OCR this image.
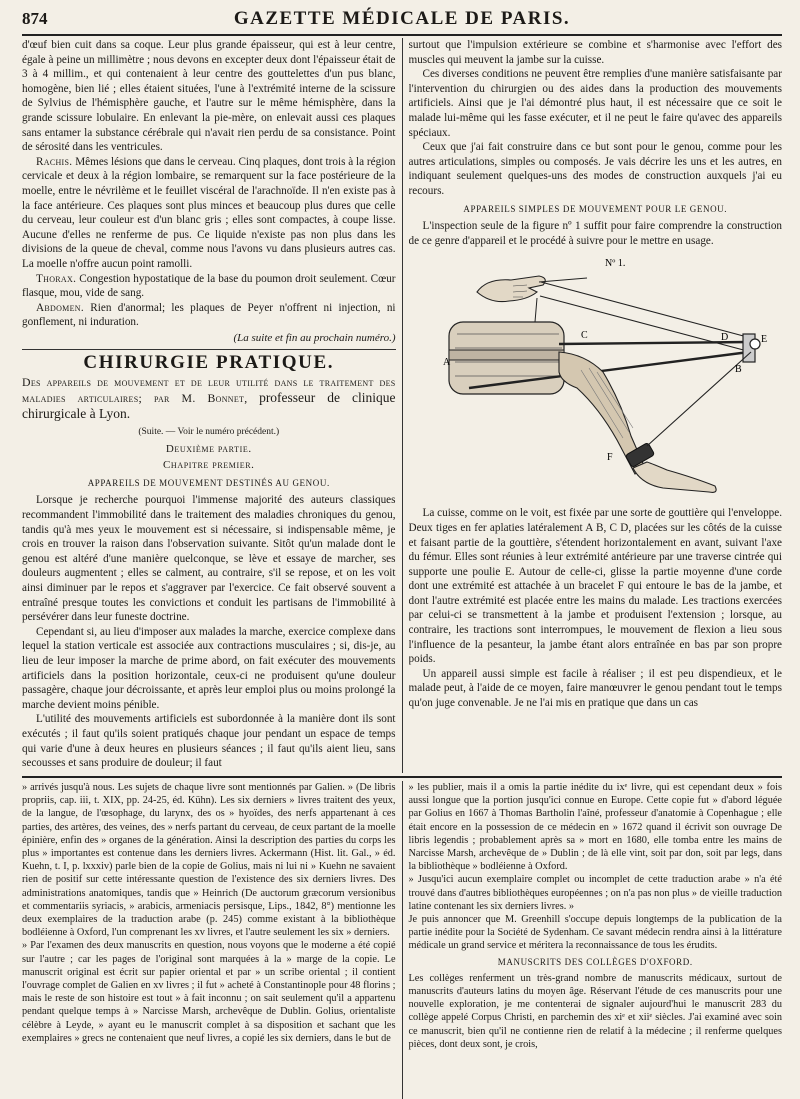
874	GAZETTE MÉDICALE DE PARIS.

d'œuf bien cuit dans sa coque. Leur plus grande épaisseur, qui est à leur centre, égale à peine un millimètre ; nous devons en excepter deux dont l'épaisseur était de 3 à 4 millim., et qui contenaient à leur centre des gouttelettes d'un pus blanc, homogène, bien lié ; elles étaient situées, l'une à l'extrémité interne de la scissure de Sylvius de l'hémisphère gauche, et l'autre sur le même hémisphère, dans la grande scissure lobulaire. En enlevant la pie-mère, on enlevait aussi ces plaques sans entamer la substance cérébrale qui n'avait rien perdu de sa consistance. Point de sérosité dans les ventricules.

Rachis. Mêmes lésions que dans le cerveau. Cinq plaques, dont trois à la région cervicale et deux à la région lombaire, se remarquent sur la face postérieure de la moelle, entre le névrilème et le feuillet viscéral de l'arachnoïde. Il n'en existe pas à la face antérieure. Ces plaques sont plus minces et beaucoup plus dures que celle du cerveau, leur couleur est d'un blanc gris ; elles sont compactes, à coupe lisse. Aucune d'elles ne renferme de pus. Ce liquide n'existe pas non plus dans les divisions de la queue de cheval, comme nous l'avons vu dans plusieurs autres cas. La moelle n'offre aucun point ramolli.

Thorax. Congestion hypostatique de la base du poumon droit seulement. Cœur flasque, mou, vide de sang.

Abdomen. Rien d'anormal; les plaques de Peyer n'offrent ni injection, ni gonflement, ni induration.

(La suite et fin au prochain numéro.)
CHIRURGIE PRATIQUE.
Des appareils de mouvement et de leur utilité dans le traitement des maladies articulaires; par M. Bonnet, professeur de clinique chirurgicale à Lyon.
(Suite. — Voir le numéro précédent.)
Deuxième partie.
Chapitre premier.
APPAREILS DE MOUVEMENT DESTINÉS AU GENOU.

Lorsque je recherche pourquoi l'immense majorité des auteurs classiques recommandent l'immobilité dans le traitement des maladies chroniques du genou, tandis qu'à mes yeux le mouvement est si nécessaire, si indispensable même, je crois en trouver la raison dans l'observation suivante. Sitôt qu'un malade dont le genou est altéré d'une manière quelconque, se lève et essaye de marcher, ses douleurs augmentent ; elles se calment, au contraire, s'il se repose, et on les voit ainsi diminuer par le repos et s'aggraver par l'exercice. Ce fait observé souvent a entraîné presque toutes les convictions et conduit les partisans de l'immobilité à persévérer dans leur funeste doctrine.

Cependant si, au lieu d'imposer aux malades la marche, exercice complexe dans lequel la station verticale est associée aux contractions musculaires ; si, dis-je, au lieu de leur imposer la marche de prime abord, on fait exécuter des mouvements artificiels dans la position horizontale, ceux-ci ne produisent qu'une douleur passagère, chaque jour décroissante, et après leur emploi plus ou moins prolongé la marche devient moins pénible.

L'utilité des mouvements artificiels est subordonnée à la manière dont ils sont exécutés ; il faut qu'ils soient pratiqués chaque jour pendant un espace de temps qui varie d'une à deux heures en plusieurs séances ; il faut qu'ils aient lieu, sans secousses et sans produire de douleur; il faut

surtout que l'impulsion extérieure se combine et s'harmonise avec l'effort des muscles qui meuvent la jambe sur la cuisse.

Ces diverses conditions ne peuvent être remplies d'une manière satisfaisante par l'intervention du chirurgien ou des aides dans la production des mouvements artificiels. Ainsi que je l'ai démontré plus haut, il est nécessaire que ce soit le malade lui-même qui les fasse exécuter, et il ne peut le faire qu'avec des appareils spéciaux.

Ceux que j'ai fait construire dans ce but sont pour le genou, comme pour les autres articulations, simples ou composés. Je vais décrire les uns et les autres, en indiquant seulement quelques-uns des modes de construction auxquels j'ai eu recours.

APPAREILS SIMPLES DE MOUVEMENT POUR LE GENOU.

L'inspection seule de la figure nº 1 suffit pour faire comprendre la construction de ce genre d'appareil et le procédé à suivre pour le mettre en usage.

Nº 1.
A
B
C	D	E
F

La cuisse, comme on le voit, est fixée par une sorte de gouttière qui l'enveloppe. Deux tiges en fer aplaties latéralement A B, C D, placées sur les côtés de la cuisse et faisant partie de la gouttière, s'étendent horizontalement en avant, suivant l'axe du fémur. Elles sont réunies à leur extrémité antérieure par une traverse cintrée qui supporte une poulie E. Autour de celle-ci, glisse la partie moyenne d'une corde dont une extrémité est attachée à un bracelet F qui entoure le bas de la jambe, et dont l'autre extrémité est placée entre les mains du malade. Les tractions exercées par celui-ci se transmettent à la jambe et produisent l'extension ; lorsque, au contraire, les tractions sont interrompues, le mouvement de flexion a lieu sous l'influence de la pesanteur, la jambe étant alors entraînée en bas par son propre poids.

Un appareil aussi simple est facile à réaliser ; il est peu dispendieux, et le malade peut, à l'aide de ce moyen, faire manœuvrer le genou pendant tout le temps qu'on juge convenable. Je ne l'ai mis en pratique que dans un cas

» arrivés jusqu'à nous. Les sujets de chaque livre sont mentionnés par Galien. » (De libris propriis, cap. iii, t. XIX, pp. 24-25, éd. Kühn). Les six derniers » livres traitent des yeux, de la langue, de l'œsophage, du larynx, des os » hyoïdes, des nerfs appartenant à ces parties, des artères, des veines, des » nerfs partant du cerveau, de ceux partant de la moelle épinière, enfin des » organes de la génération. Ainsi la description des parties du corps les plus » importantes est contenue dans les derniers livres. Ackermann (Hist. lit. Gal., » éd. Kuehn, t. I, p. lxxxiv) parle bien de la copie de Golius, mais ni lui ni » Kuehn ne savaient rien de positif sur cette intéressante question de l'existence des six derniers livres. Des administrations anatomiques, tandis que » Heinrich (De auctorum græcorum versionibus et commentariis syriacis, » arabicis, armeniacis persisque, Lips., 1842, 8°) mentionne les deux exemplaires de la traduction arabe (p. 245) comme existant à la bibliothèque bodléienne à Oxford, l'un comprenant les xv livres, et l'autre seulement les six » derniers.

» Par l'examen des deux manuscrits en question, nous voyons que le moderne a été copié sur l'autre ; car les pages de l'original sont marquées à la » marge de la copie. Le manuscrit original est écrit sur papier oriental et par » un scribe oriental ; il contient l'ouvrage complet de Galien en xv livres ; il fut » acheté à Constantinople pour 48 florins ; mais le reste de son histoire est tout » à fait inconnu ; on sait seulement qu'il a appartenu pendant quelque temps à » Narcisse Marsh, archevêque de Dublin. Golius, orientaliste célèbre à Leyde, » ayant eu le manuscrit complet à sa disposition et sachant que les exemplaires » grecs ne contenaient que neuf livres, a copié les six derniers, dans le but de

» les publier, mais il a omis la partie inédite du ixᵉ livre, qui est cependant deux » fois aussi longue que la portion jusqu'ici connue en Europe. Cette copie fut » d'abord léguée par Golius en 1667 à Thomas Bartholin l'aîné, professeur d'anatomie à Copenhague ; elle était encore en la possession de ce médecin en » 1672 quand il écrivit son ouvrage De libris legendis ; probablement après sa » mort en 1680, elle tomba entre les mains de Narcisse Marsh, archevêque de » Dublin ; de là elle vint, soit par don, soit par legs, dans la bibliothèque » bodléienne à Oxford.

» Jusqu'ici aucun exemplaire complet ou incomplet de cette traduction arabe » n'a été trouvé dans d'autres bibliothèques européennes ; on n'a pas non plus » de vieille traduction latine contenant les six derniers livres. »

Je puis annoncer que M. Greenhill s'occupe depuis longtemps de la publication de la partie inédite pour la Société de Sydenham. Ce savant médecin rendra ainsi à la littérature médicale un grand service et méritera la reconnaissance de tous les érudits.

MANUSCRITS DES COLLÈGES D'OXFORD.

Les collèges renferment un très-grand nombre de manuscrits médicaux, surtout de manuscrits d'auteurs latins du moyen âge. Réservant l'étude de ces manuscrits pour une nouvelle exploration, je me contenterai de signaler aujourd'hui le manuscrit 283 du collège appelé Corpus Christi, en parchemin des xiᵉ et xiiᵉ siècles. J'ai examiné avec soin ce manuscrit, bien qu'il ne contienne rien de relatif à la médecine ; il renferme quelques pièces, dont deux sont, je crois,
